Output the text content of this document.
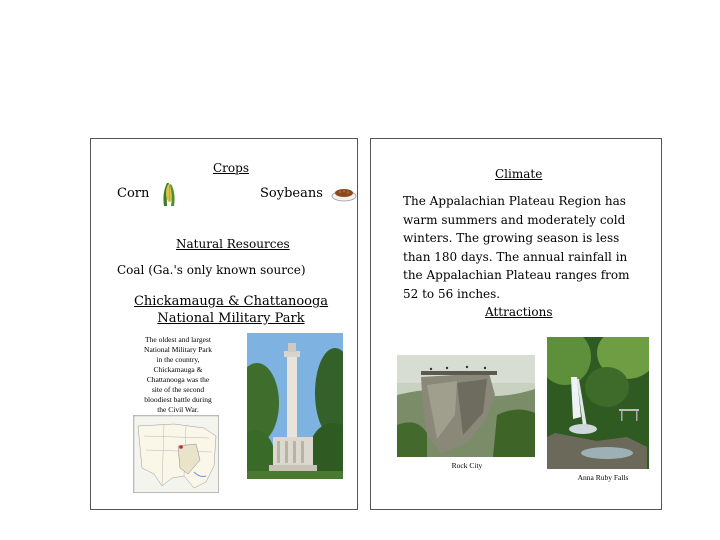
Crops
Corn	Soybeans
Natural Resources
Coal (Ga.'s only known source)
Chickamauga & Chattanooga
National Military Park
The oldest and largest
National Military Park
in the country,
Chickamauga &
Chattanooga was the
site of the second
bloodiest battle during
the Civil War.
Climate
The Appalachian Plateau Region has
warm summers and moderately cold
winters. The growing season is less
than 180 days. The annual rainfall in
the Appalachian Plateau ranges from
52 to 56 inches.
Attractions
Rock City
Anna Ruby Falls
